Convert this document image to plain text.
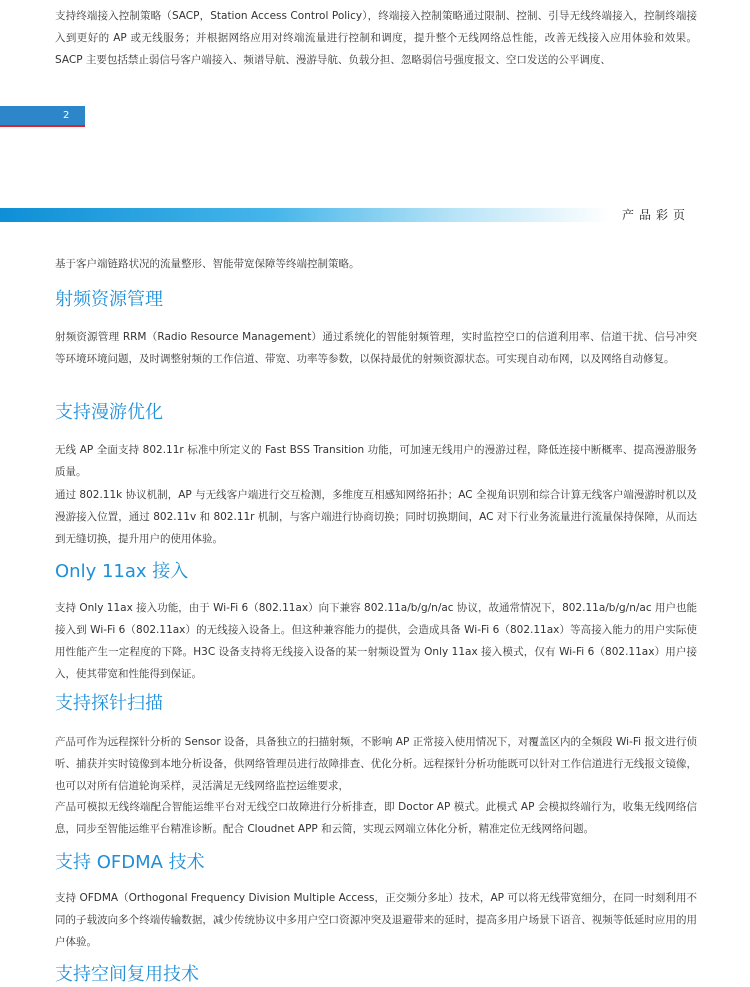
支持终端接入控制策略（SACP，Station Access Control Policy），终端接入控制策略通过限制、控制、引导无线终端接入，控制终端接入到更好的 AP 或无线服务；并根据网络应用对终端流量进行控制和调度，提升整个无线网络总性能，改善无线接入应用体验和效果。SACP 主要包括禁止弱信号客户端接入、频谱导航、漫游导航、负载分担、忽略弱信号强度报文、空口发送的公平调度、

2
产品彩页

基于客户端链路状况的流量整形、智能带宽保障等终端控制策略。

射频资源管理

射频资源管理 RRM（Radio Resource Management）通过系统化的智能射频管理，实时监控空口的信道利用率、信道干扰、信号冲突等环境环境问题，及时调整射频的工作信道、带宽、功率等参数，以保持最优的射频资源状态。可实现自动布网，以及网络自动修复。

支持漫游优化

无线 AP 全面支持 802.11r 标准中所定义的 Fast BSS Transition 功能，可加速无线用户的漫游过程，降低连接中断概率、提高漫游服务质量。

通过 802.11k 协议机制，AP 与无线客户端进行交互检测，多维度互相感知网络拓扑；AC 全视角识别和综合计算无线客户端漫游时机以及漫游接入位置，通过 802.11v 和 802.11r 机制，与客户端进行协商切换；同时切换期间，AC 对下行业务流量进行流量保持保障，从而达到无缝切换，提升用户的使用体验。

Only 11ax 接入

支持 Only 11ax 接入功能，由于 Wi-Fi 6（802.11ax）向下兼容 802.11a/b/g/n/ac 协议，故通常情况下，802.11a/b/g/n/ac 用户也能接入到 Wi-Fi 6（802.11ax）的无线接入设备上。但这种兼容能力的提供，会造成具备 Wi-Fi 6（802.11ax）等高接入能力的用户实际使用性能产生一定程度的下降。H3C 设备支持将无线接入设备的某一射频设置为 Only 11ax 接入模式，仅有 Wi-Fi 6（802.11ax）用户接入，使其带宽和性能得到保证。

支持探针扫描

产品可作为远程探针分析的 Sensor 设备，具备独立的扫描射频，不影响 AP 正常接入使用情况下，对覆盖区内的全频段 Wi-Fi 报文进行侦听、捕获并实时镜像到本地分析设备，供网络管理员进行故障排查、优化分析。远程探针分析功能既可以针对工作信道进行无线报文镜像，也可以对所有信道轮询采样，灵活满足无线网络监控运维要求，

产品可模拟无线终端配合智能运维平台对无线空口故障进行分析排查，即 Doctor AP 模式。此模式 AP 会模拟终端行为，收集无线网络信息，同步至智能运维平台精准诊断。配合 Cloudnet APP 和云简，实现云网端立体化分析，精准定位无线网络问题。

支持 OFDMA 技术

支持 OFDMA（Orthogonal Frequency Division Multiple Access，正交频分多址）技术，AP 可以将无线带宽细分，在同一时刻利用不同的子载波向多个终端传输数据，减少传统协议中多用户空口资源冲突及退避带来的延时，提高多用户场景下语音、视频等低延时应用的用户体验。

支持空间复用技术
